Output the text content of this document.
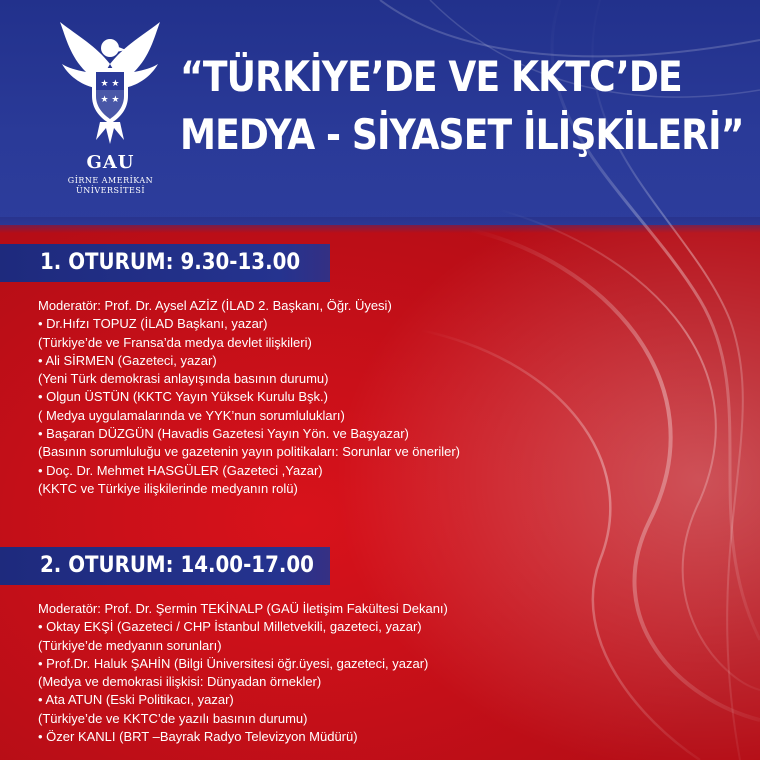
★ ★
★ ★
GAU
GİRNE AMERİKAN
ÜNİVERSİTESİ
“TÜRKİYE’DE VE KKTC’DE
MEDYA - SİYASET İLİŞKİLERİ”
1. OTURUM: 9.30-13.00
Moderatör: Prof. Dr. Aysel AZİZ (İLAD 2. Başkanı, Öğr. Üyesi)
• Dr.Hıfzı TOPUZ (İLAD Başkanı, yazar)
(Türkiye’de ve Fransa’da medya devlet ilişkileri)
• Ali SİRMEN (Gazeteci, yazar)
(Yeni Türk demokrasi anlayışında basının durumu)
• Olgun ÜSTÜN (KKTC Yayın Yüksek Kurulu Bşk.)
( Medya uygulamalarında ve YYK’nun sorumlulukları)
• Başaran DÜZGÜN (Havadis Gazetesi Yayın Yön. ve Başyazar)
(Basının sorumluluğu ve gazetenin yayın politikaları: Sorunlar ve öneriler)
• Doç. Dr. Mehmet HASGÜLER (Gazeteci ,Yazar)
(KKTC ve Türkiye ilişkilerinde medyanın rolü)
2. OTURUM: 14.00-17.00
Moderatör: Prof. Dr. Şermin TEKİNALP (GAÜ İletişim Fakültesi Dekanı)
• Oktay EKŞİ (Gazeteci / CHP İstanbul Milletvekili, gazeteci, yazar)
(Türkiye’de medyanın sorunları)
• Prof.Dr. Haluk ŞAHİN (Bilgi Üniversitesi öğr.üyesi, gazeteci, yazar)
(Medya ve demokrasi ilişkisi: Dünyadan örnekler)
• Ata ATUN (Eski Politikacı, yazar)
(Türkiye’de ve KKTC’de yazılı basının durumu)
• Özer KANLI (BRT –Bayrak Radyo Televizyon Müdürü)
